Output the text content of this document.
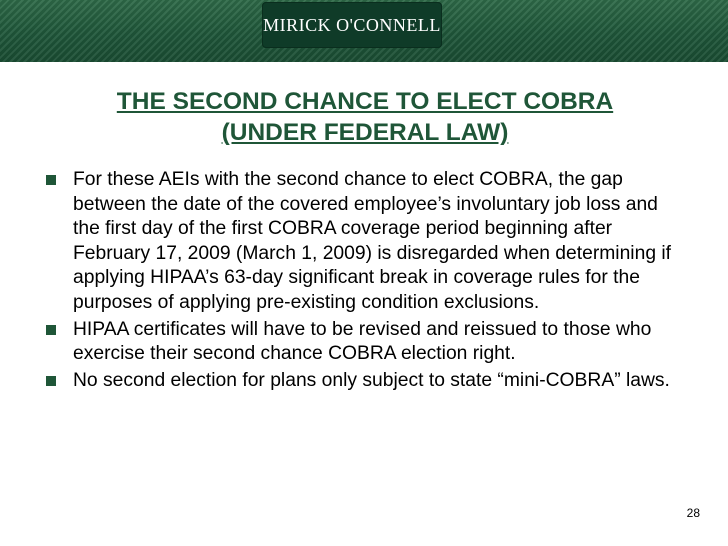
MIRICK O'CONNELL
THE SECOND CHANCE TO ELECT COBRA
(UNDER FEDERAL LAW)
For these AEIs with the second chance to elect COBRA, the gap between the date of the covered employee’s involuntary job loss and the first day of the first COBRA coverage period beginning after February 17, 2009 (March 1, 2009) is disregarded when determining if applying HIPAA’s 63-day significant break in coverage rules for the purposes of applying pre-existing condition exclusions.
HIPAA certificates will have to be revised and reissued to those who exercise their second chance COBRA election right.
No second election for plans only subject to state “mini-COBRA” laws.
28
